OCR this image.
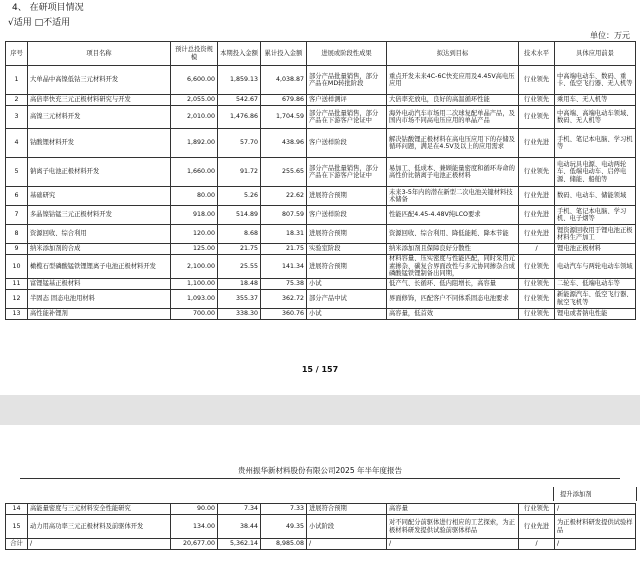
4、 在研项目情况
√适用 □不适用
单位：万元
序号	项目名称	预计总投资规模	本期投入金额	累计投入金额	进展或阶段性成果	拟达到目标	技术水平	具体应用前景
1	大单晶中高镍低钴三元材料开发	6,600.00	1,859.13	4,038.87	部分产品批量销售，部分产品在MD转批阶段	重点开发未来4C-6C快充应用及4.45V高电压应用	行业领先	中高端电动车、数码、重卡、低空飞行器、无人机等
2	高倍率快充三元正极材料研究与开发	2,055.00	542.67	679.86	客户送样测评	大倍率充放电，良好的高温循环性能	行业领先	乘用车、无人机等
3	高镍三元材料开发	2,010.00	1,476.86	1,704.59	部分产品批量销售，部分产品在下游客户论证中	海外电动汽车市场用二次球复配单晶产品，及国内市场不同高电压应用的单晶产品	行业领先	中高端、高端电动车领域、数码、无人机等
4	钴酸锂材料开发	1,892.00	57.70	438.96	客户送样阶段	解决钴酸锂正极材料在高电压应用下的存储及循环问题，满足在4.5V及以上的应用需求	行业先进	手机、笔记本电脑、学习机等
5	钠离子电池正极材料开发	1,660.00	91.72	255.65	部分产品批量销售，部分产品在下游客户论证中	易加工、低成本、兼顾能量密度和循环寿命的高性价比钠离子电池正极材料	行业领先	电动玩具电源、电动两轮车、低端电动车、启停电源、储能、船舶等
6	基础研究	80.00	5.26	22.62	进展符合预期	未来3-5年内的潜在新型二次电池关键材料技术储备	行业先进	数码、电动车、储能领域
7	多晶镍钴锰三元正极材料开发	918.00	514.89	807.59	客户送样阶段	性能匹配4.45-4.48V纯LCO要求	行业先进	手机、笔记本电脑、学习机、电子烟等
8	资源回收、综合利用	120.00	8.68	18.31	进展符合预期	资源回收、综合利用、降低能耗、降本节能	行业先进	锂资源回收用于锂电池正极材料生产加工
9	纳米添加剂的合成	125.00	21.75	21.75	实验室阶段	纳米添加剂且保障良好分散性	/	锂电池正极材料
10	橄榄石型磷酸锰铁锂锂离子电池正极材料开发	2,100.00	25.55	141.34	进展符合预期	材料容量、压实密度与性能匹配，同时采用元素掺杂、碳复合界面改性与多元协同掺杂合成磷酸锰铁锂制备出同期，	行业领先	电动汽车与两轮电动车领域
11	富锂锰基正极材料	1,100.00	18.48	75.38	小试	低产气、长循环、低内阻增长，高容量	行业领先	二轮车、低端电动车等
12	半固态 固态电池用材料	1,093.00	355.37	362.72	部分产品中试	界面修饰，匹配客户不同体系固态电池要求	行业领先	新能源汽车、低空飞行器、航空飞机等
13	高性能补锂剂	700.00	338.30	360.76	小试	高容量，低首效	行业领先	锂电或者钠电性能
15 / 157
贵州振华新材料股份有限公司2025 年半年度报告
提升添加剂
14	高能量密度与三元材料安全性能研究	90.00	7.34	7.33	进展符合预期	高容量	行业领先	/
15	动力用高功率三元正极材料及前驱体开发	134.00	38.44	49.35	小试阶段	对不同配分前驱体进行相应的工艺探索，为正极材料研发提供试验前驱体样品	行业先进	为正极材料研发提供试验样品
合计	/	20,677.00	5,362.14	8,985.08	/	/	/	/
